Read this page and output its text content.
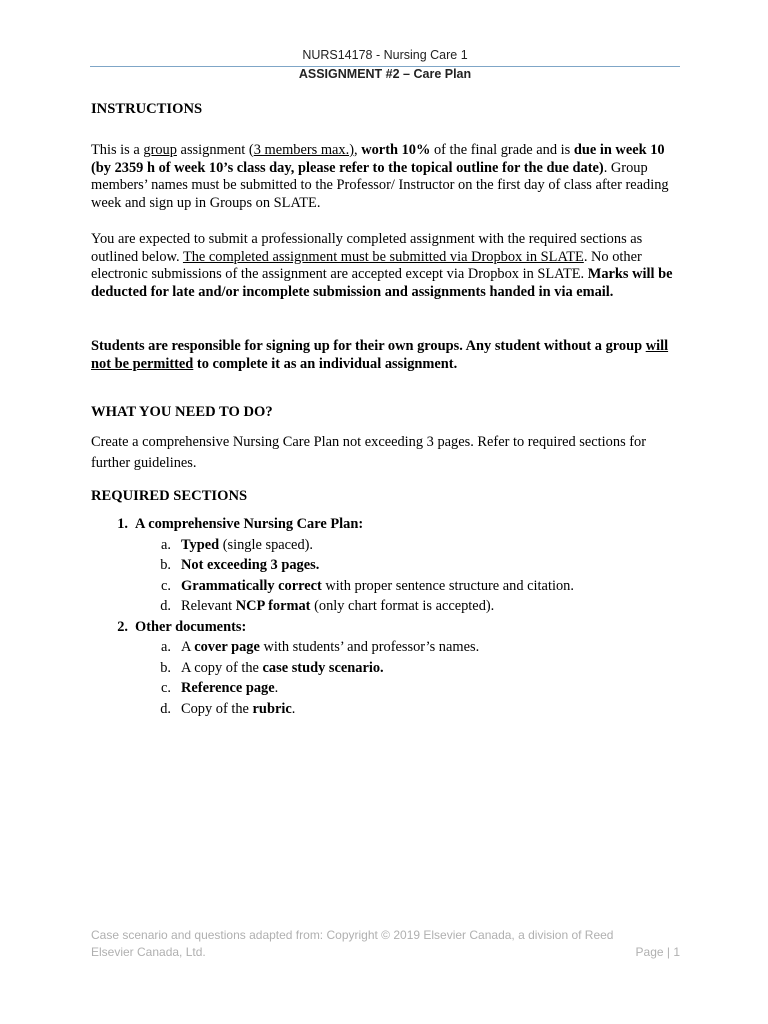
NURS14178 - Nursing Care 1
ASSIGNMENT #2 – Care Plan
INSTRUCTIONS
This is a group assignment (3 members max.), worth 10% of the final grade and is due in week 10 (by 2359 h of week 10’s class day, please refer to the topical outline for the due date). Group members’ names must be submitted to the Professor/ Instructor on the first day of class after reading week and sign up in Groups on SLATE.
You are expected to submit a professionally completed assignment with the required sections as outlined below. The completed assignment must be submitted via Dropbox in SLATE. No other electronic submissions of the assignment are accepted except via Dropbox in SLATE. Marks will be deducted for late and/or incomplete submission and assignments handed in via email.
Students are responsible for signing up for their own groups. Any student without a group will not be permitted to complete it as an individual assignment.
WHAT YOU NEED TO DO?
Create a comprehensive Nursing Care Plan not exceeding 3 pages. Refer to required sections for further guidelines.
REQUIRED SECTIONS
1. A comprehensive Nursing Care Plan:
a. Typed (single spaced).
b. Not exceeding 3 pages.
c. Grammatically correct with proper sentence structure and citation.
d. Relevant NCP format (only chart format is accepted).
2. Other documents:
a. A cover page with students’ and professor’s names.
b. A copy of the case study scenario.
c. Reference page.
d. Copy of the rubric.
Case scenario and questions adapted from: Copyright © 2019 Elsevier Canada, a division of Reed Elsevier Canada, Ltd.	Page | 1
